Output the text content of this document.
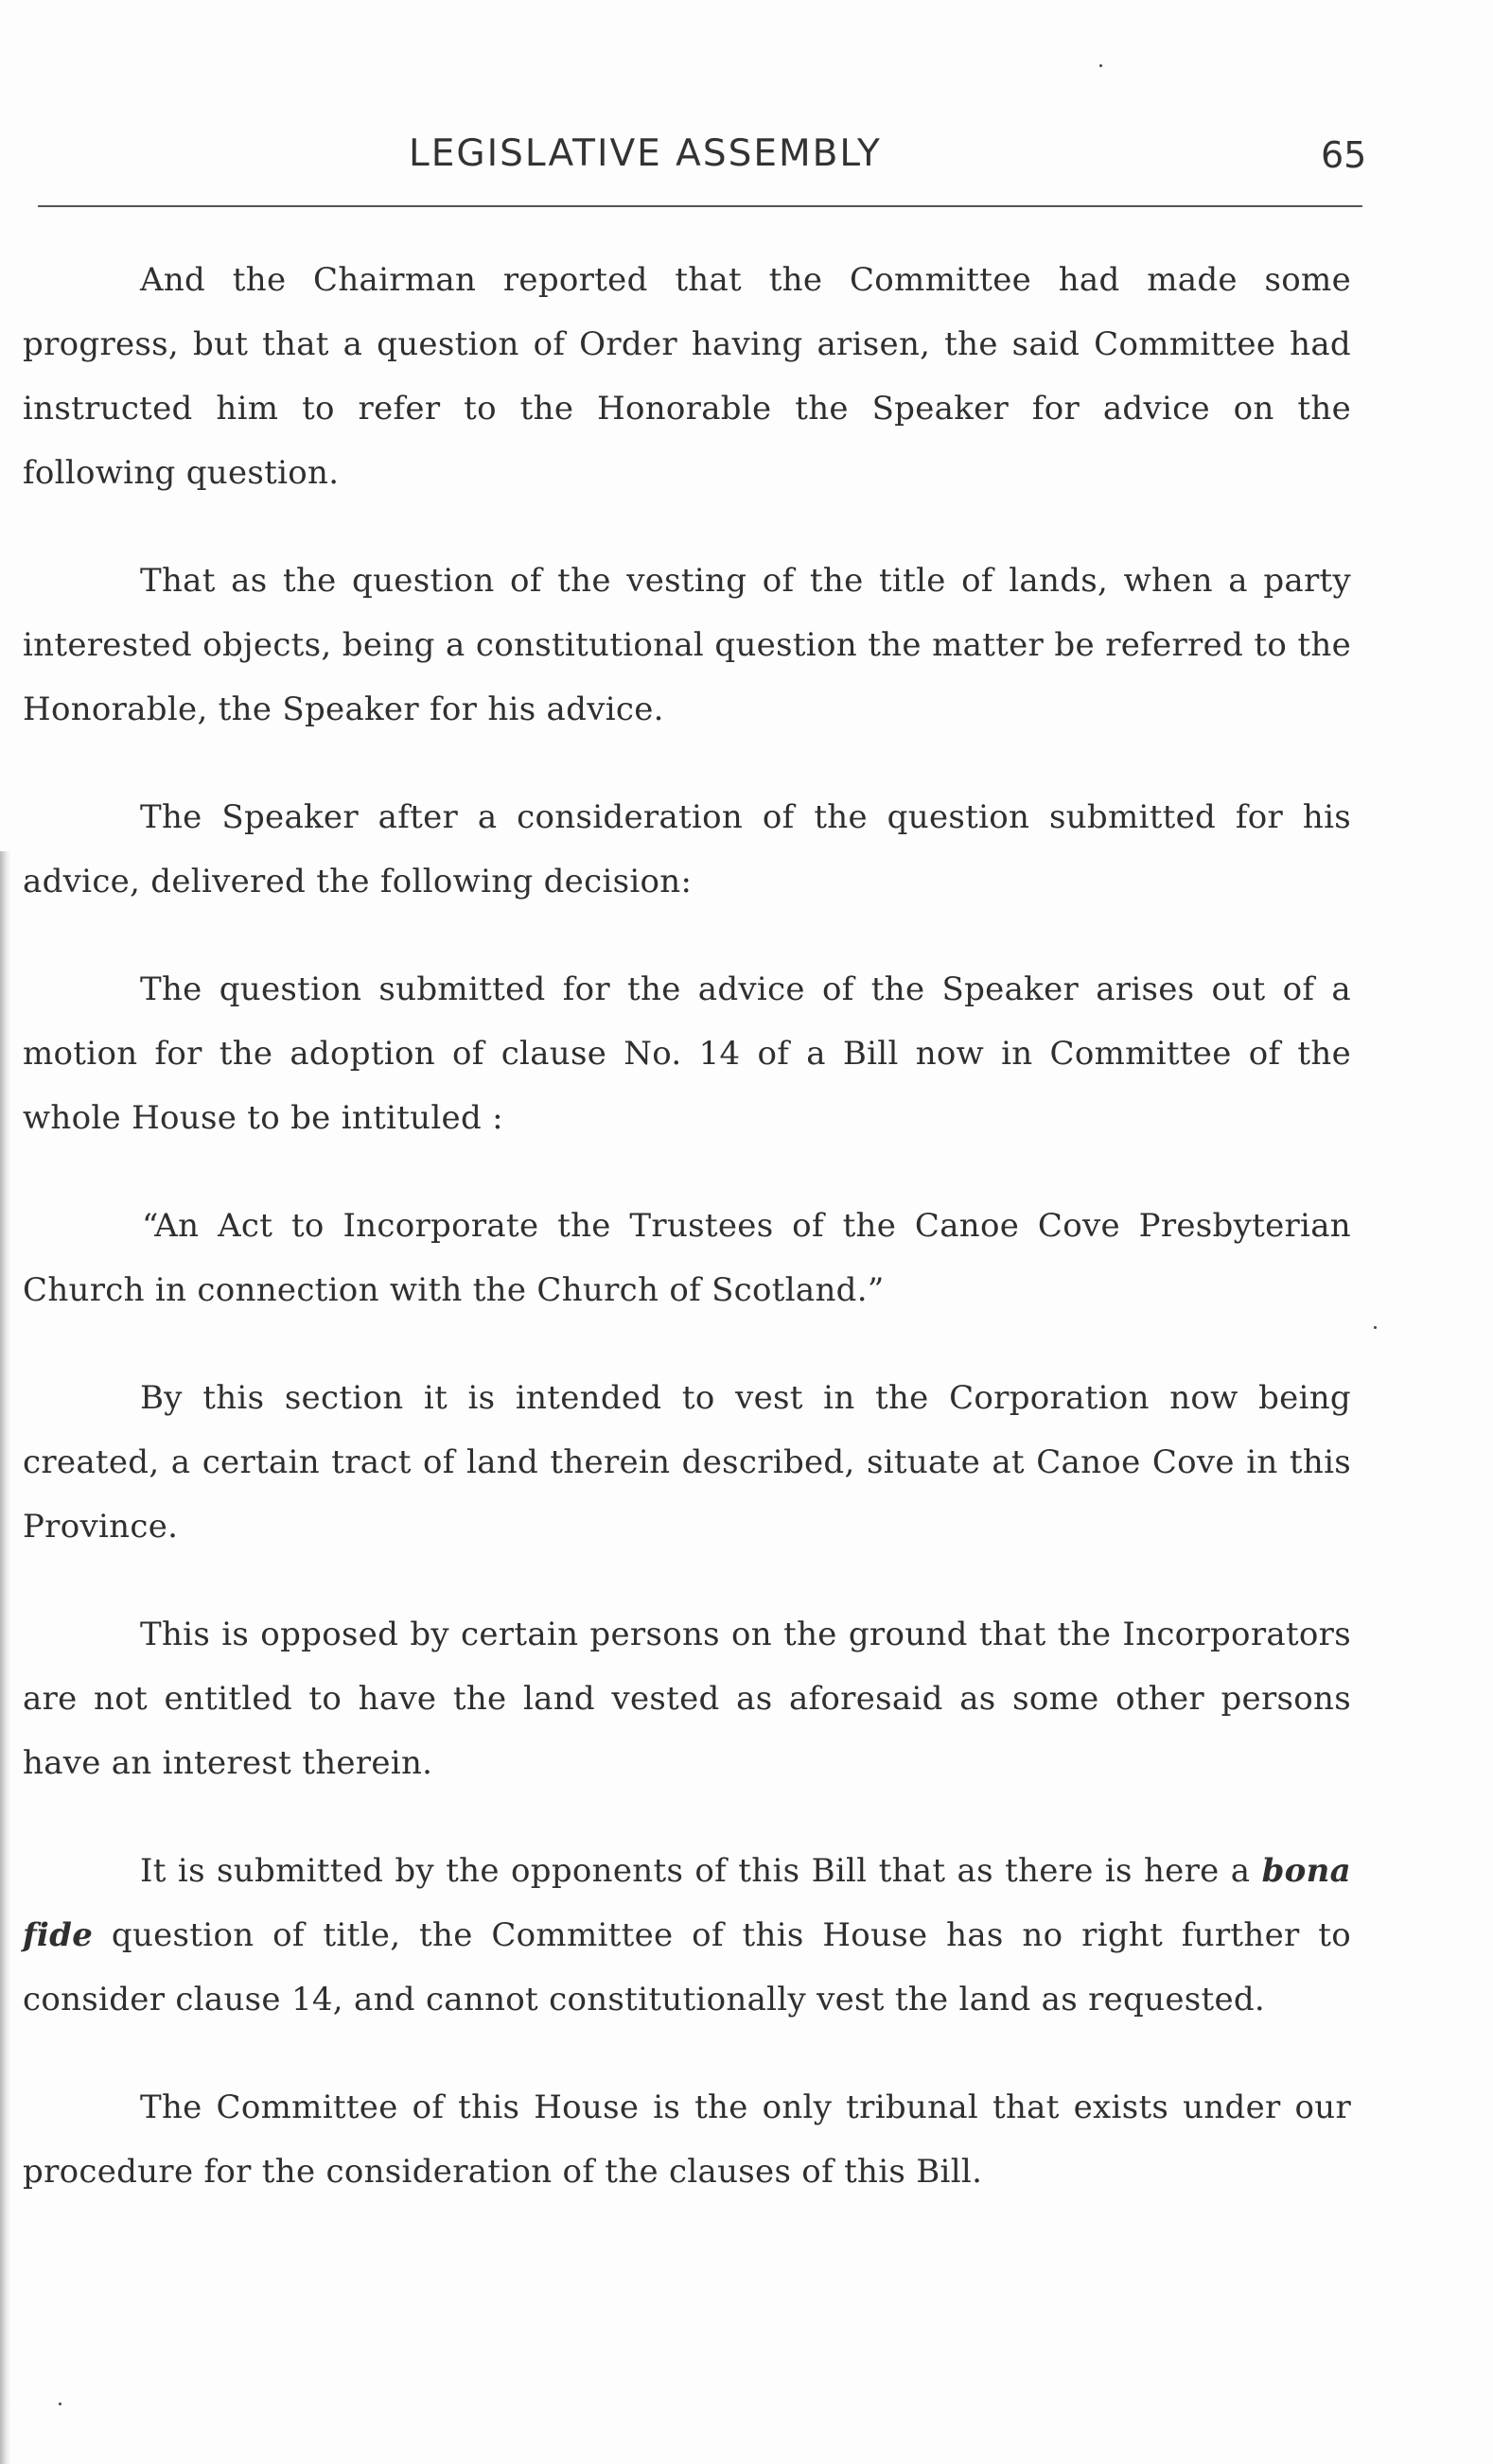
LEGISLATIVE ASSEMBLY	65

And the Chairman reported that the Committee had made some progress, but that a question of Order having arisen, the said Committee had instructed him to refer to the Honorable the Speaker for advice on the following question.

That as the question of the vesting of the title of lands, when a party interested objects, being a constitutional question the matter be referred to the Honorable, the Speaker for his advice.

The Speaker after a consideration of the question submitted for his advice, delivered the following decision:

The question submitted for the advice of the Speaker arises out of a motion for the adoption of clause No. 14 of a Bill now in Committee of the whole House to be intituled :

“An Act to Incorporate the Trustees of the Canoe Cove Presbyterian Church in connection with the Church of Scotland.”

By this section it is intended to vest in the Corporation now being created, a certain tract of land therein described, situate at Canoe Cove in this Province.

This is opposed by certain persons on the ground that the Incorporators are not entitled to have the land vested as aforesaid as some other persons have an interest therein.

It is submitted by the opponents of this Bill that as there is here a bona fide question of title, the Committee of this House has no right further to consider clause 14, and cannot constitutionally vest the land as requested.

The Committee of this House is the only tribunal that exists under our procedure for the consideration of the clauses of this Bill.
